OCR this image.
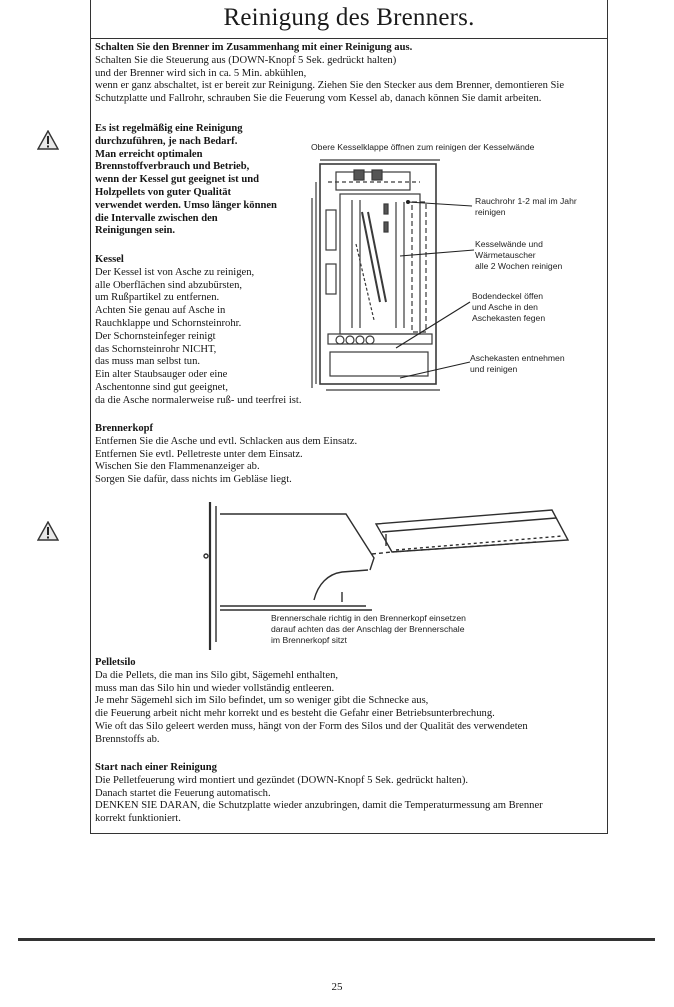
Reinigung des Brenners.
Schalten Sie den Brenner im Zusammenhang mit einer Reinigung aus.
Schalten Sie die Steuerung aus (DOWN-Knopf 5 Sek. gedrückt halten)
und der Brenner wird sich in ca. 5 Min. abkühlen,
wenn er ganz abschaltet, ist er bereit zur Reinigung. Ziehen Sie den Stecker aus dem Brenner, demontieren Sie
Schutzplatte und Fallrohr, schrauben Sie die Feuerung vom Kessel ab, danach können Sie damit arbeiten.
Es ist regelmäßig eine Reinigung
durchzuführen, je nach Bedarf.
Man erreicht optimalen
Brennstoffverbrauch und Betrieb,
wenn der Kessel gut geeignet ist und
Holzpellets von guter Qualität
verwendet werden. Umso länger können
die Intervalle zwischen den
Reinigungen sein.
Kessel
Der Kessel ist von Asche zu reinigen,
alle Oberflächen sind abzubürsten,
um Rußpartikel zu entfernen.
Achten Sie genau auf Asche in
Rauchklappe und Schornsteinrohr.
Der Schornsteinfeger reinigt
das Schornsteinrohr NICHT,
das muss man selbst tun.
Ein alter Staubsauger oder eine
Aschentonne sind gut geeignet,
da die Asche normalerweise ruß- und teerfrei ist.
Obere Kesselklappe öffnen zum reinigen der Kesselwände
Rauchrohr 1-2 mal im Jahr
reinigen
Kesselwände und
Wärmetauscher
alle 2 Wochen reinigen
Bodendeckel öffen
und Asche in den
Aschekasten fegen
Aschekasten entnehmen
und reinigen
Brennerkopf
Entfernen Sie die Asche und evtl. Schlacken aus dem Einsatz.
Entfernen Sie evtl. Pelletreste unter dem Einsatz.
Wischen Sie den Flammenanzeiger ab.
Sorgen Sie dafür, dass nichts im Gebläse liegt.
Brennerschale richtig in den Brennerkopf einsetzen
darauf achten das der Anschlag der Brennerschale
im Brennerkopf sitzt
Pelletsilo
Da die Pellets, die man ins Silo gibt, Sägemehl enthalten,
muss man das Silo hin und wieder vollständig entleeren.
Je mehr Sägemehl sich im Silo befindet, um so weniger gibt die Schnecke aus,
die Feuerung arbeit nicht mehr korrekt und es besteht die Gefahr einer Betriebsunterbrechung.
Wie oft das Silo geleert werden muss, hängt von der Form des Silos und der Qualität des verwendeten
Brennstoffs ab.
Start nach einer Reinigung
Die Pelletfeuerung wird montiert und gezündet (DOWN-Knopf 5 Sek. gedrückt halten).
Danach startet die Feuerung automatisch.
DENKEN SIE DARAN, die Schutzplatte wieder anzubringen, damit die Temperaturmessung am Brenner
korrekt funktioniert.
25
